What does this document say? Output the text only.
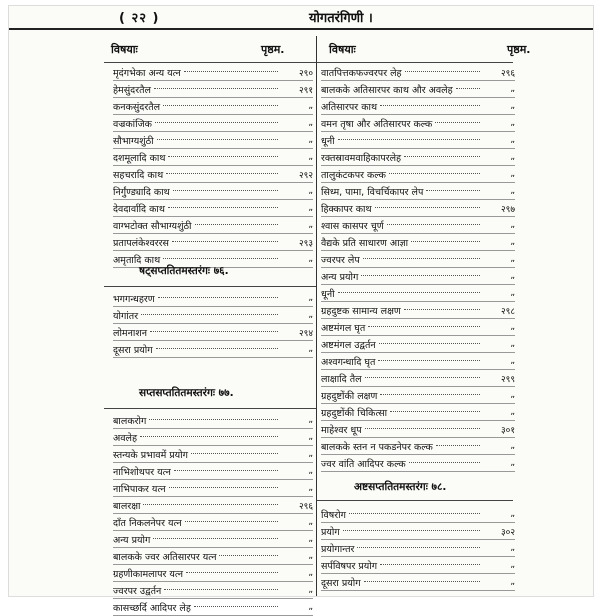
( २२ )	योगतरंगिणी ।
विषयाः	पृष्ठम.	विषयाः	पृष्ठम.
मृदंगभेका अन्य यत्न	२९०
हेमसुंदरतैल	२९१
कनकसुंदरतैल	„
वज्रकांजिक	„
सौभाग्यशुंठी	„
दशमूलादि काथ	„
सहचरादि काथ	२९२
निर्गुंण्ड्यादि काथ	„
देवदार्वादि काथ	„
वाग्भटोक्त सौभाग्यशुंठी	„
प्रतापलंकेश्वररस	२९३
अमृतादि काथ	„
षट्सप्ततितमस्तरंगः ७६.
भगगन्धहरण	„
योगांतर	„
लोमनाशन	२९४
दूसरा प्रयोग	„
सप्तसप्ततितमस्तरंगः ७७.
बालकरोग	„
अवलेह	„
स्तन्यके प्रभावमें प्रयोग	„
नाभिशोथपर यत्न	„
नाभिपाकर यत्न	„
बालरक्षा	२९६
दाँत निकलनेपर यत्न	„
अन्य प्रयोग	„
बालकके ज्वर अतिसारपर यत्न	„
ग्रहणीकामलापर यत्न	„
ज्वरपर उद्वर्तन	„
कासच्छर्दि आदिपर लेह	„
वातपित्तकफज्वरपर लेह	२९६
बालकके अतिसारपर काथ और अवलेह	„
अतिसारपर काथ	„
वमन तृषा और अतिसारपर कल्क	„
धूनी	„
रक्तस्रावमवाहिकापरलेह	„
तालुकंटकपर कल्क	„
सिध्म, पामा, विचर्चिकापर लेप	„
हिक्कापर काथ	२९७
श्वास कासपर चूर्ण	„
वैद्यके प्रति साधारण आज्ञा	„
ज्वरपर लेप	„
अन्य प्रयोग	„
धूनी	„
ग्रहदुष्टक सामान्य लक्षण	२९८
अष्टमंगल घृत	„
अष्टमंगल उद्वर्तन	„
अश्वगन्धादि घृत	„
लाक्षादि तैल	२९९
ग्रहदुष्टोंकी लक्षण	„
ग्रहदुष्टोंकी चिकित्सा	„
माहेश्वर धूप	३०१
बालकके स्तन न पकडनेपर कल्क	„
ज्वर वांति आदिपर कल्क	„
अष्टसप्ततितमस्तरंगः ७८.
विषरोग	„
प्रयोग	३०२
प्रयोगान्तर	„
सर्पविषपर प्रयोग	„
दूसरा प्रयोग	„
